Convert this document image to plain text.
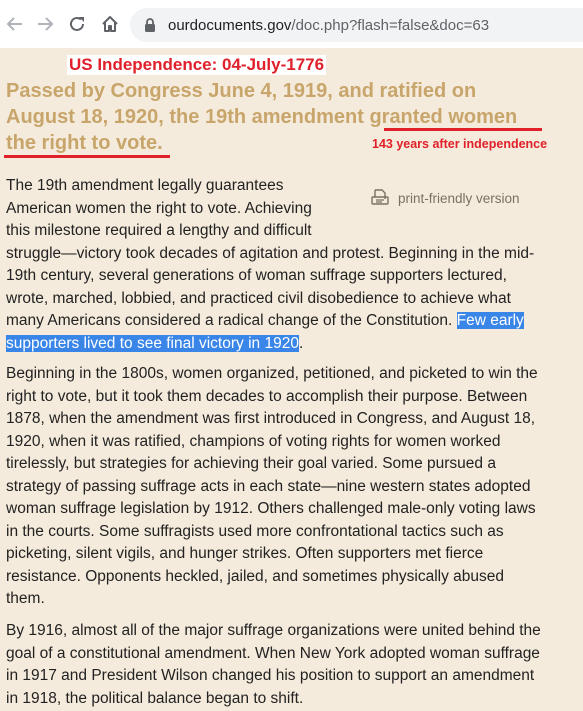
ourdocuments.gov/doc.php?flash=false&doc=63
US Independence: 04-July-1776
Passed by Congress June 4, 1919, and ratified on
August 18, 1920, the 19th amendment granted women
the right to vote.	143 years after independence
print-friendly version
The 19th amendment legally guarantees
American women the right to vote. Achieving
this milestone required a lengthy and difficult
struggle—victory took decades of agitation and protest. Beginning in the mid-
19th century, several generations of woman suffrage supporters lectured,
wrote, marched, lobbied, and practiced civil disobedience to achieve what
many Americans considered a radical change of the Constitution. Few early
supporters lived to see final victory in 1920.
Beginning in the 1800s, women organized, petitioned, and picketed to win the
right to vote, but it took them decades to accomplish their purpose. Between
1878, when the amendment was first introduced in Congress, and August 18,
1920, when it was ratified, champions of voting rights for women worked
tirelessly, but strategies for achieving their goal varied. Some pursued a
strategy of passing suffrage acts in each state—nine western states adopted
woman suffrage legislation by 1912. Others challenged male-only voting laws
in the courts. Some suffragists used more confrontational tactics such as
picketing, silent vigils, and hunger strikes. Often supporters met fierce
resistance. Opponents heckled, jailed, and sometimes physically abused
them.
By 1916, almost all of the major suffrage organizations were united behind the
goal of a constitutional amendment. When New York adopted woman suffrage
in 1917 and President Wilson changed his position to support an amendment
in 1918, the political balance began to shift.
